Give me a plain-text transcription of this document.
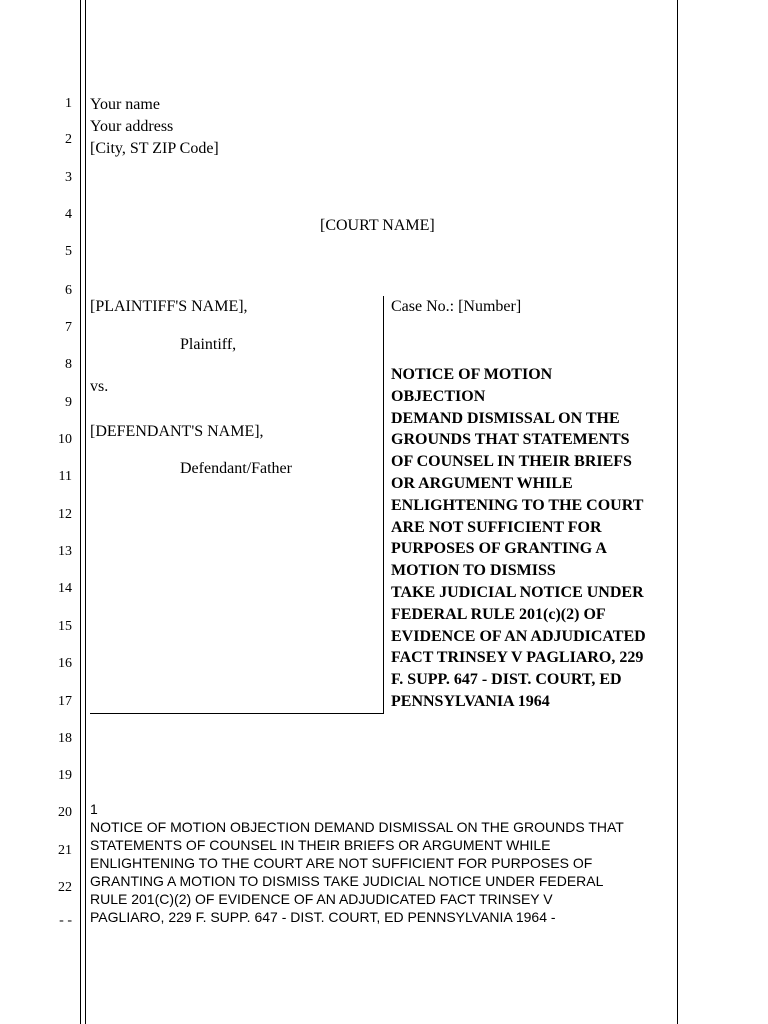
1
2
3
4
5
6
7
8
9
10
11
12
13
14
15
16
17
18
19
20
21
22
- -
Your name
Your address
[City, ST ZIP Code]
[COURT NAME]
[PLAINTIFF'S NAME],
Plaintiff,
vs.
[DEFENDANT'S NAME],
Defendant/Father
Case No.: [Number]
NOTICE OF MOTION
OBJECTION
DEMAND DISMISSAL ON THE
GROUNDS THAT STATEMENTS
OF COUNSEL IN THEIR BRIEFS
OR ARGUMENT WHILE
ENLIGHTENING TO THE COURT
ARE NOT SUFFICIENT FOR
PURPOSES OF GRANTING A
MOTION TO DISMISS
TAKE JUDICIAL NOTICE UNDER
FEDERAL RULE 201(c)(2) OF
EVIDENCE OF AN ADJUDICATED
FACT TRINSEY V PAGLIARO, 229
F. SUPP. 647 - DIST. COURT, ED
PENNSYLVANIA 1964
1
NOTICE OF MOTION OBJECTION DEMAND DISMISSAL ON THE GROUNDS THAT
STATEMENTS OF COUNSEL IN THEIR BRIEFS OR ARGUMENT WHILE
ENLIGHTENING TO THE COURT ARE NOT SUFFICIENT FOR PURPOSES OF
GRANTING A MOTION TO DISMISS TAKE JUDICIAL NOTICE UNDER FEDERAL
RULE 201(C)(2) OF EVIDENCE OF AN ADJUDICATED FACT TRINSEY V
PAGLIARO, 229 F. SUPP. 647 - DIST. COURT, ED PENNSYLVANIA 1964 -
